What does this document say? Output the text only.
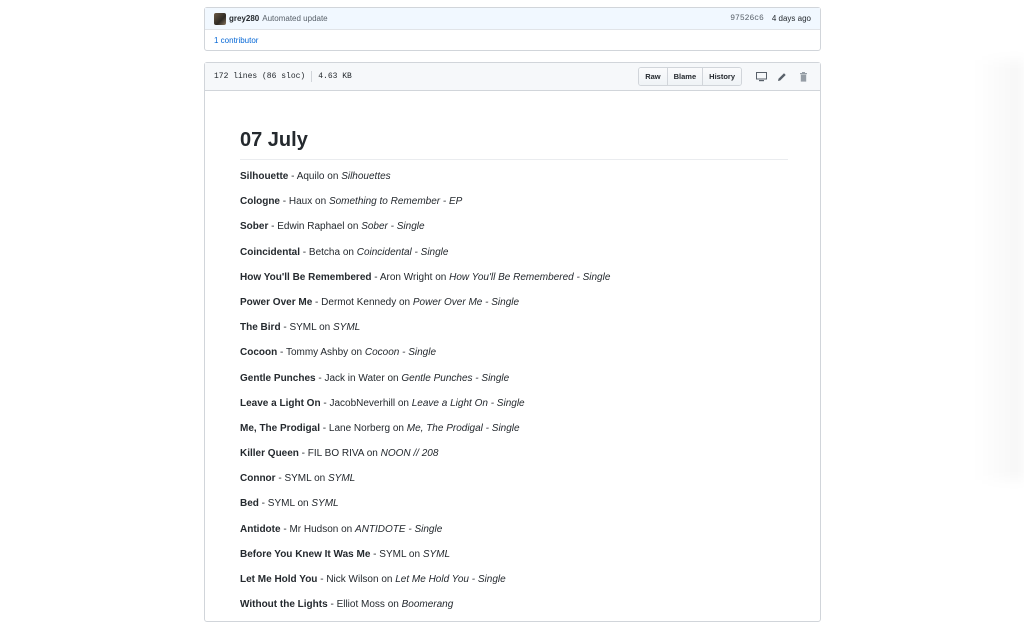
grey280 Automated update	97526c6 4 days ago
1 contributor
172 lines (86 sloc) 4.63 KB	Raw	Blame	History
07 July

Silhouette - Aquilo on Silhouettes

Cologne - Haux on Something to Remember - EP

Sober - Edwin Raphael on Sober - Single

Coincidental - Betcha on Coincidental - Single

How You'll Be Remembered - Aron Wright on How You'll Be Remembered - Single

Power Over Me - Dermot Kennedy on Power Over Me - Single

The Bird - SYML on SYML

Cocoon - Tommy Ashby on Cocoon - Single

Gentle Punches - Jack in Water on Gentle Punches - Single

Leave a Light On - JacobNeverhill on Leave a Light On - Single

Me, The Prodigal - Lane Norberg on Me, The Prodigal - Single

Killer Queen - FIL BO RIVA on NOON // 208

Connor - SYML on SYML

Bed - SYML on SYML

Antidote - Mr Hudson on ANTIDOTE - Single

Before You Knew It Was Me - SYML on SYML

Let Me Hold You - Nick Wilson on Let Me Hold You - Single

Without the Lights - Elliot Moss on Boomerang
